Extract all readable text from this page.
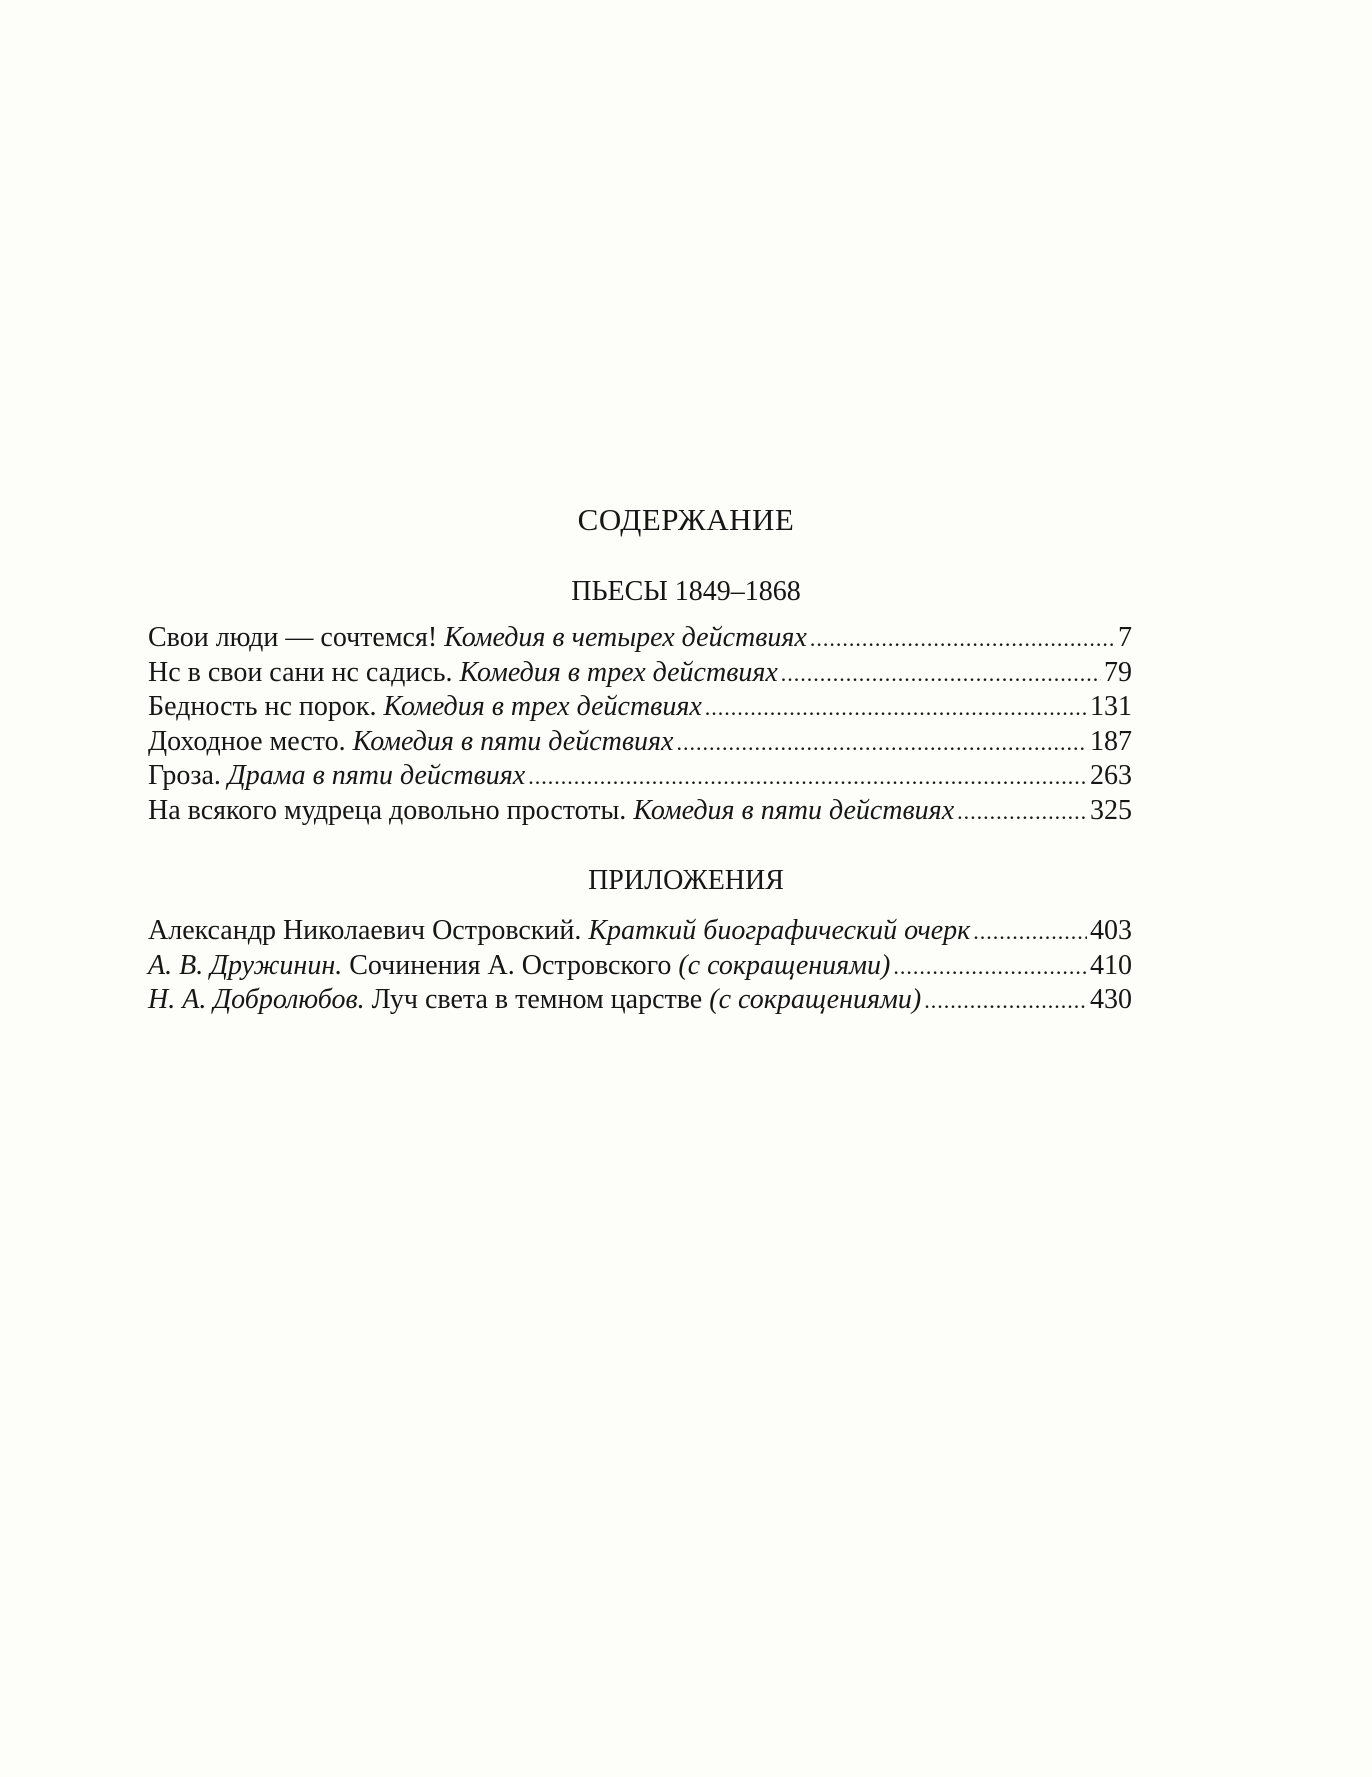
СОДЕРЖАНИЕ
ПЬЕСЫ 1849–1868
Свои люди — сочтемся! Комедия в четырех действиях .....	7
Нс в свои сани нс садись. Комедия в трех действиях .....	79
Бедность нс порок. Комедия в трех действиях .....	131
Доходное место. Комедия в пяти действиях .....	187
Гроза. Драма в пяти действиях .....	263
На всякого мудреца довольно простоты. Комедия в пяти действиях .....	325
ПРИЛОЖЕНИЯ
Александр Николаевич Островский. Краткий биографический очерк .....	403
А. В. Дружинин. Сочинения А. Островского (с сокращениями) .....	410
Н. А. Добролюбов. Луч света в темном царстве (с сокращениями) .....	430
